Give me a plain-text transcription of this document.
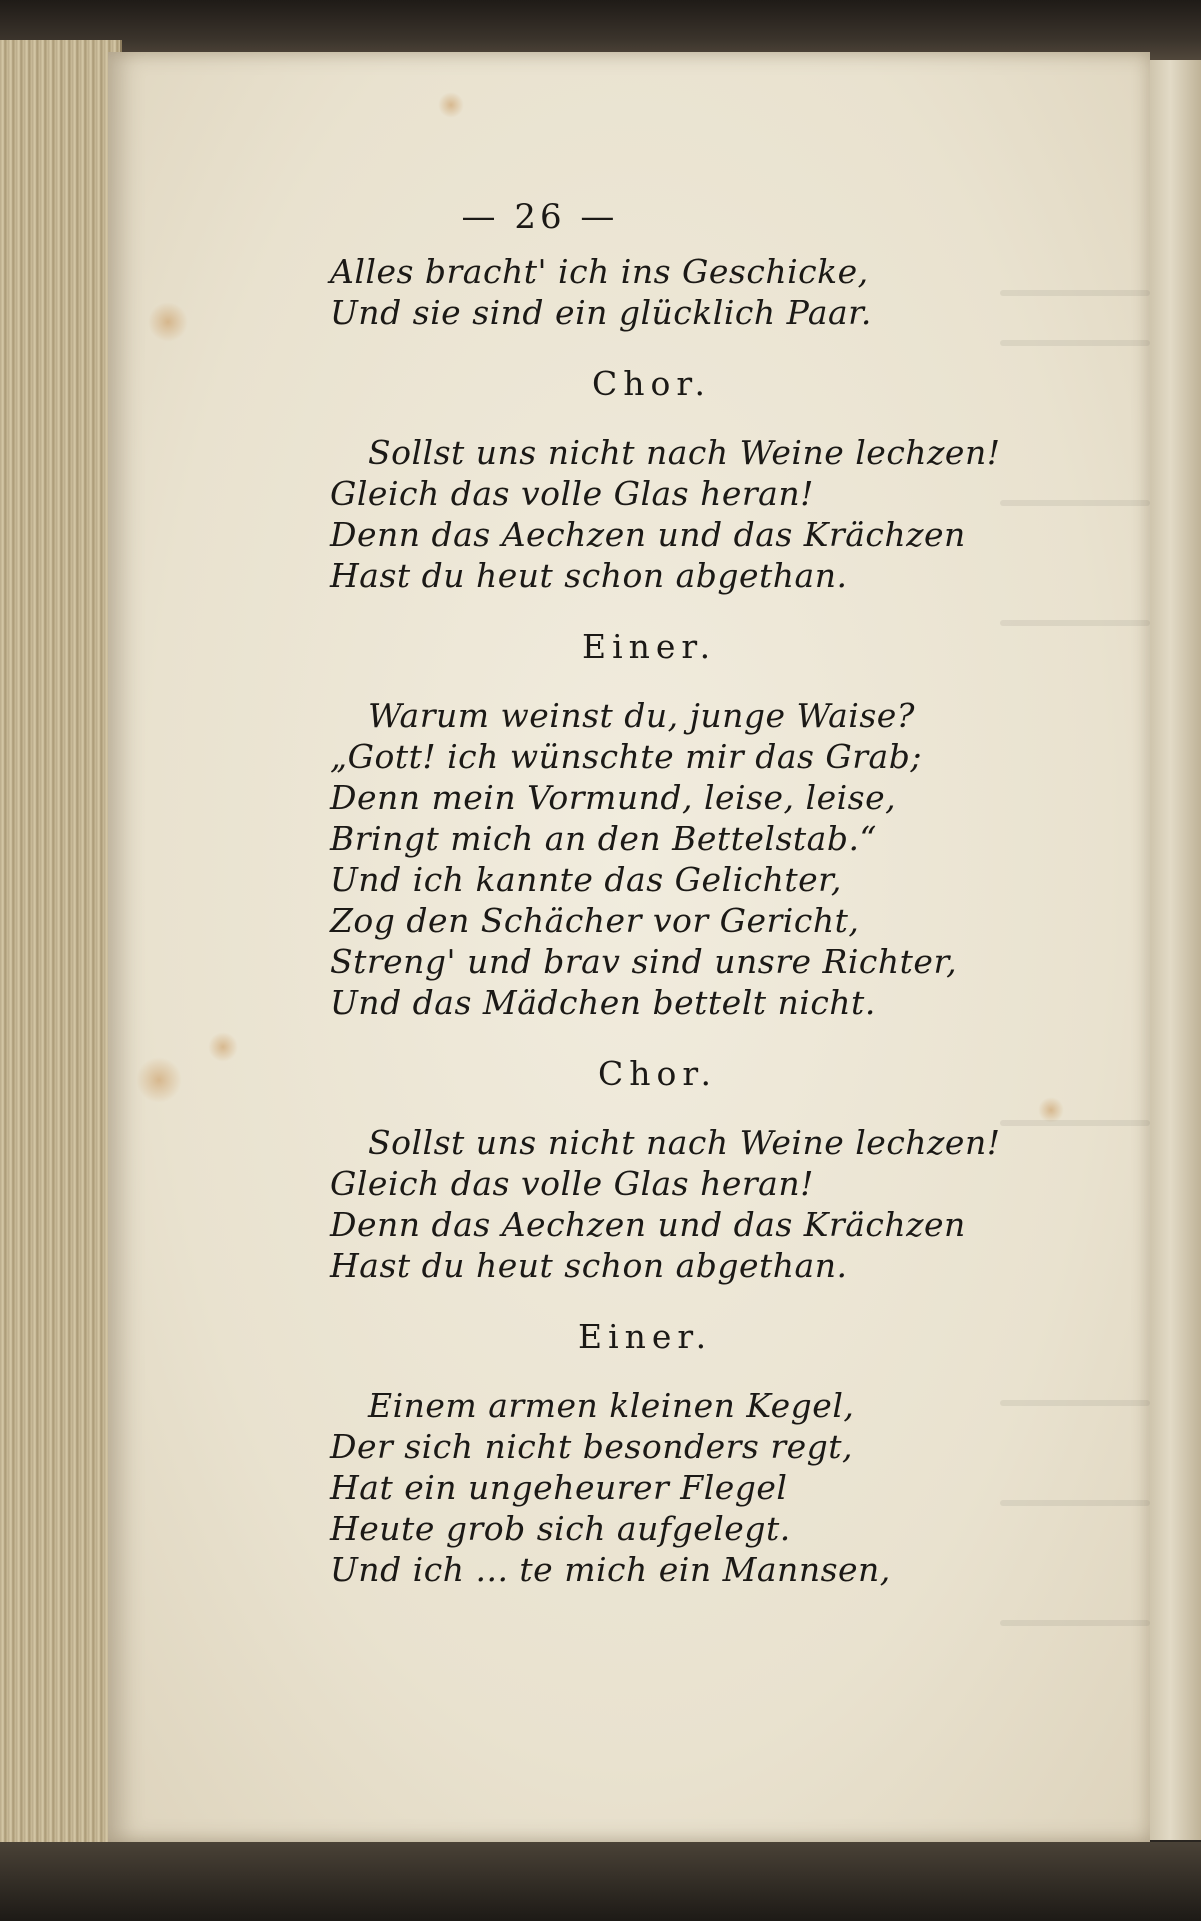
— 26 —
Alles bracht' ich ins Geschicke,
Und sie sind ein glücklich Paar.
Chor.
Sollst uns nicht nach Weine lechzen!
Gleich das volle Glas heran!
Denn das Aechzen und das Krächzen
Hast du heut schon abgethan.
Einer.
Warum weinst du, junge Waise?
„Gott! ich wünschte mir das Grab;
Denn mein Vormund, leise, leise,
Bringt mich an den Bettelstab.“
Und ich kannte das Gelichter,
Zog den Schächer vor Gericht,
Streng' und brav sind unsre Richter,
Und das Mädchen bettelt nicht.
Chor.
Sollst uns nicht nach Weine lechzen!
Gleich das volle Glas heran!
Denn das Aechzen und das Krächzen
Hast du heut schon abgethan.
Einer.
Einem armen kleinen Kegel,
Der sich nicht besonders regt,
Hat ein ungeheurer Flegel
Heute grob sich aufgelegt.
Und ich ... te mich ein Mannsen,
